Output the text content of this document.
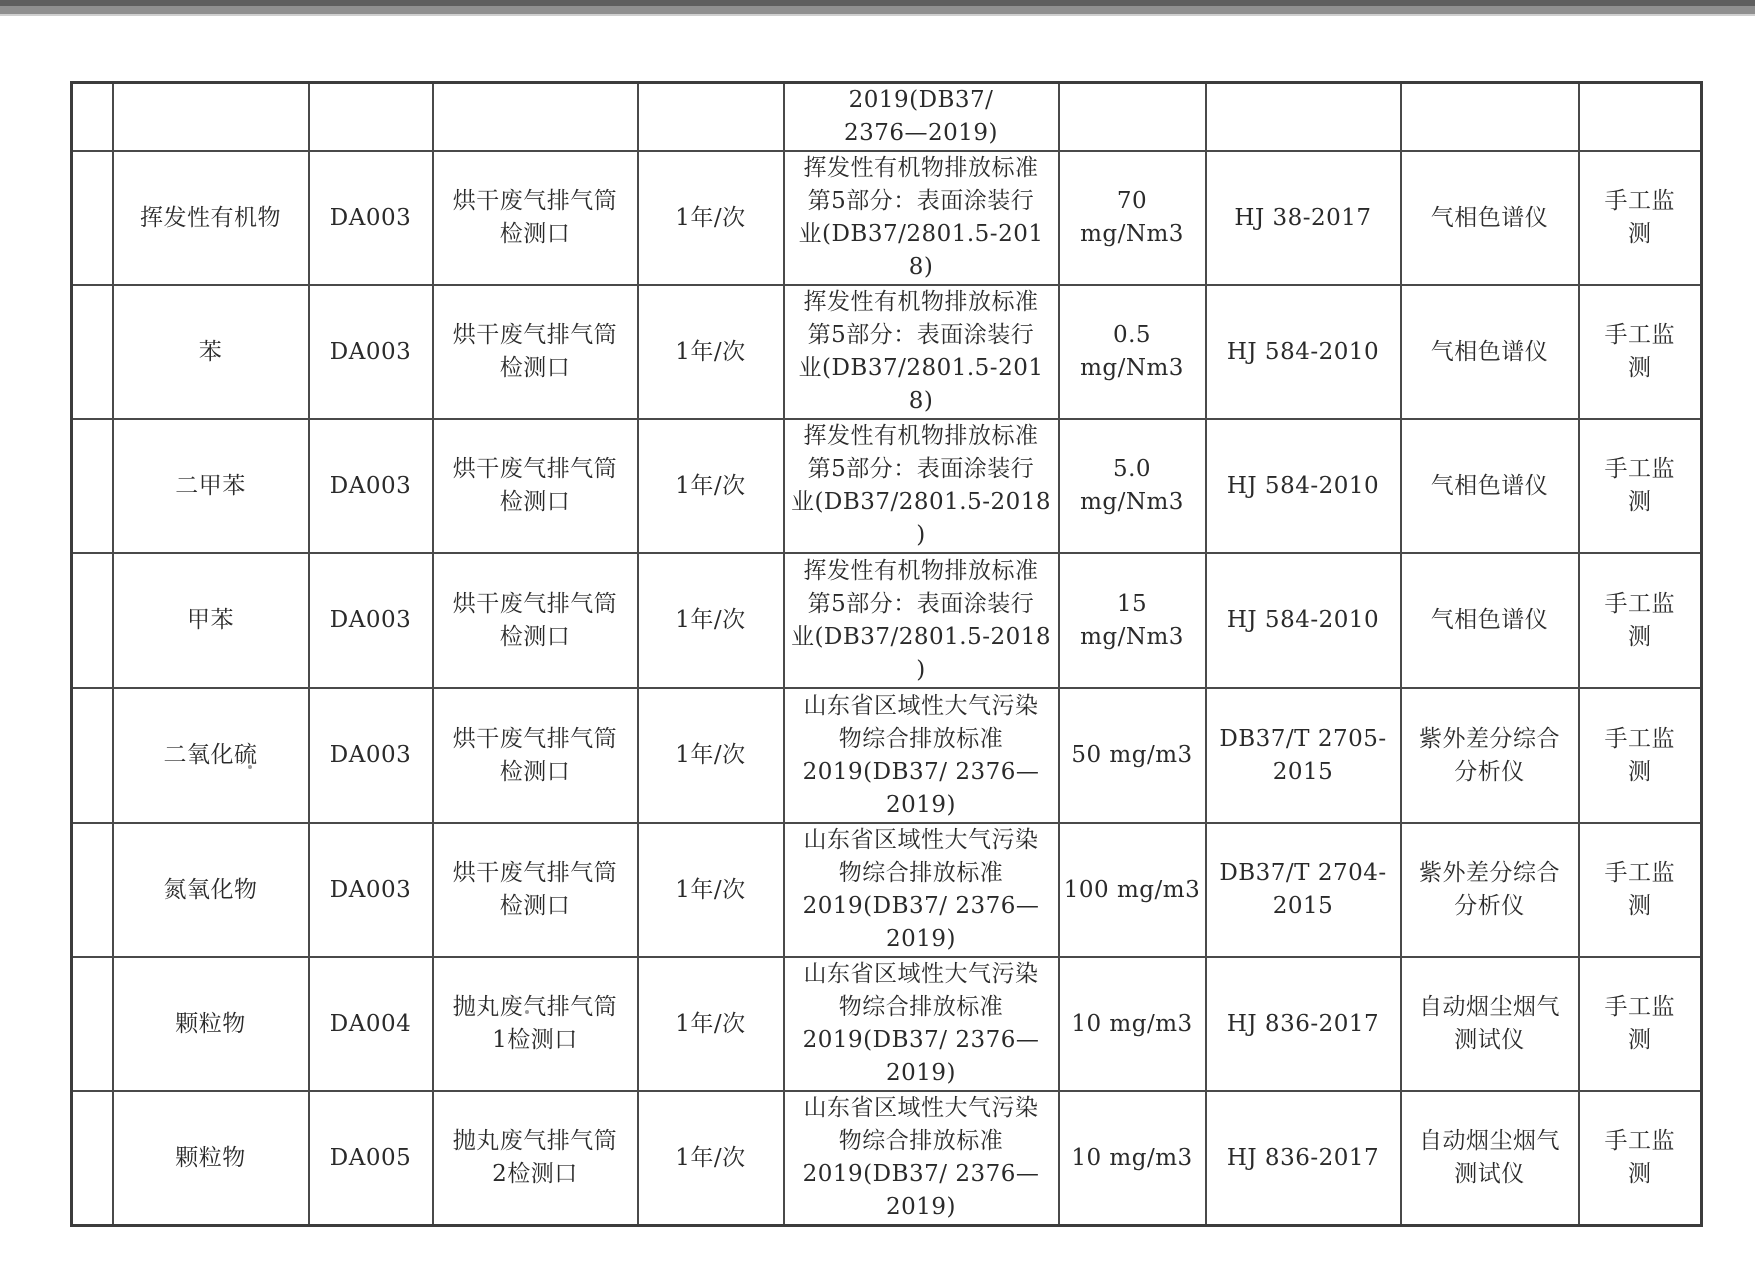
					2019(DB37/
2376—2019)				
	挥发性有机物	DA003	烘干废气排气筒
检测口	1年/次	挥发性有机物排放标准
第5部分：表面涂装行
业(DB37/2801.5-2018)	70 mg/Nm3	HJ 38-2017	气相色谱仪	手工监
测
	苯	DA003	烘干废气排气筒
检测口	1年/次	挥发性有机物排放标准
第5部分：表面涂装行
业(DB37/2801.5-2018)	0.5
mg/Nm3	HJ 584-2010	气相色谱仪	手工监
测
	二甲苯	DA003	烘干废气排气筒
检测口	1年/次	挥发性有机物排放标准
第5部分：表面涂装行
业(DB37/2801.5-2018
)	5.0
mg/Nm3	HJ 584-2010	气相色谱仪	手工监
测
	甲苯	DA003	烘干废气排气筒
检测口	1年/次	挥发性有机物排放标准
第5部分：表面涂装行
业(DB37/2801.5-2018
)	15 mg/Nm3	HJ 584-2010	气相色谱仪	手工监
测
	二氧化硫	DA003	烘干废气排气筒
检测口	1年/次	山东省区域性大气污染
物综合排放标准
2019(DB37/ 2376—
2019)	50 mg/m3	DB37/T 2705-
2015	紫外差分综合
分析仪	手工监
测
	氮氧化物	DA003	烘干废气排气筒
检测口	1年/次	山东省区域性大气污染
物综合排放标准
2019(DB37/ 2376—
2019)	100 mg/m3	DB37/T 2704-
2015	紫外差分综合
分析仪	手工监
测
	颗粒物	DA004	抛丸废气排气筒
1检测口	1年/次	山东省区域性大气污染
物综合排放标准
2019(DB37/ 2376—
2019)	10 mg/m3	HJ 836-2017	自动烟尘烟气
测试仪	手工监
测
	颗粒物	DA005	抛丸废气排气筒
2检测口	1年/次	山东省区域性大气污染
物综合排放标准
2019(DB37/ 2376—
2019)	10 mg/m3	HJ 836-2017	自动烟尘烟气
测试仪	手工监
测
